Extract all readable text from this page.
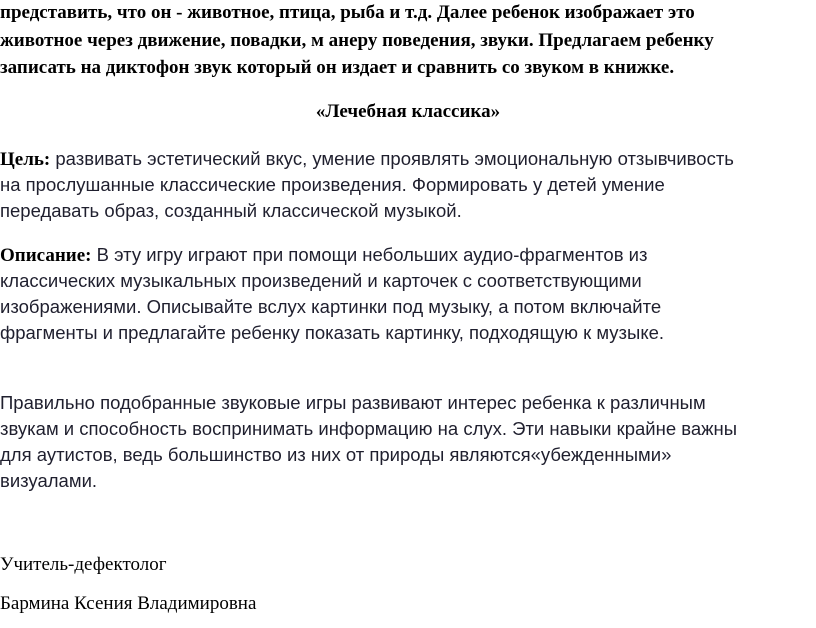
представить, что он - животное, птица, рыба и т.д. Далее ребенок изображает это
животное через движение, повадки, м анеру поведения, звуки. Предлагаем ребенку
записать на диктофон звук который он издает и сравнить со звуком в книжке.
«Лечебная классика»
Цель: развивать эстетический вкус, умение проявлять эмоциональную отзывчивость
на прослушанные классические произведения. Формировать у детей умение
передавать образ, созданный классической музыкой.
Описание: В эту игру играют при помощи небольших аудио-фрагментов из
классических музыкальных произведений и карточек с соответствующими
изображениями. Описывайте вслух картинки под музыку, а потом включайте
фрагменты и предлагайте ребенку показать картинку, подходящую к музыке.
Правильно подобранные звуковые игры развивают интерес ребенка к различным
звукам и способность воспринимать информацию на слух. Эти навыки крайне важны
для аутистов, ведь большинство из них от природы являются«убежденными»
визуалами.
Учитель-дефектолог
Бармина Ксения Владимировна
